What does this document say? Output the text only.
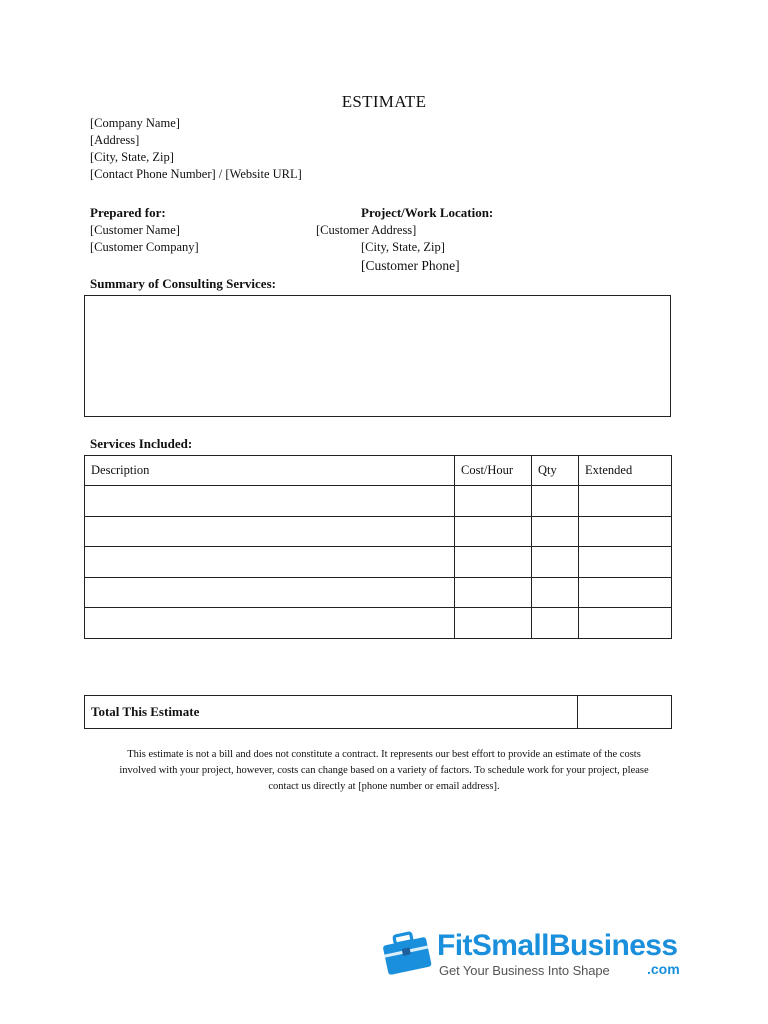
ESTIMATE
[Company Name]
[Address]
[City, State, Zip]
[Contact Phone Number] / [Website URL]
Prepared for:
[Customer Name]
[Customer Company]
Project/Work Location:
[Customer Address]
[City, State, Zip]
[Customer Phone]
Summary of Consulting Services:
Services Included:
Description	Cost/Hour	Qty	Extended

Total This Estimate	
This estimate is not a bill and does not constitute a contract. It represents our best effort to provide an estimate of the costs
involved with your project, however, costs can change based on a variety of factors. To schedule work for your project, please
contact us directly at [phone number or email address].
FitSmallBusiness
Get Your Business Into Shape	.com
